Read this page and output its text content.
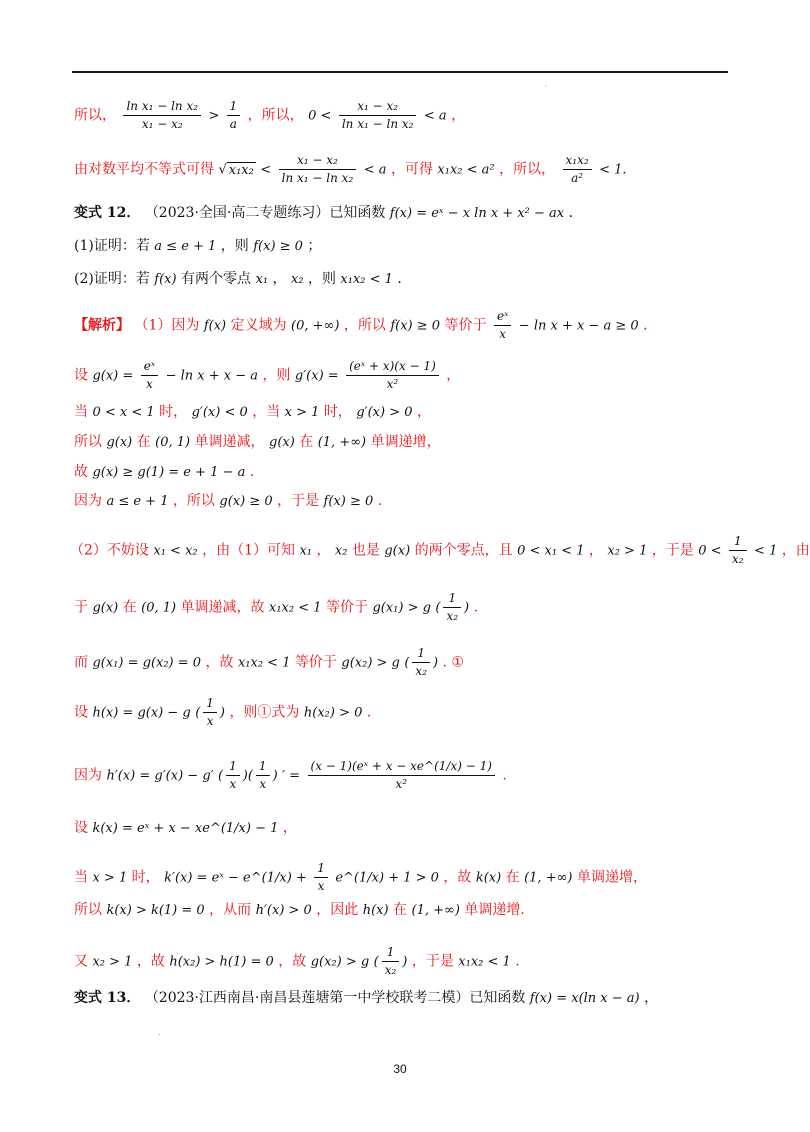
所以， $\frac{\text{ln x₁ − ln x₂}}{\text{x₁ − x₂}} > \frac{1}{a}$ ，所以， $0 < \frac{\text{x₁ − x₂}}{\text{ln x₁ − ln x₂}} < a$ ，
由对数平均不等式可得 √ $x_1x_2 < \frac{\text{x₁ − x₂}}{\text{ln x₁ − ln x₂}} < a$ ，可得 x₁x₂ < a² ，所以， $\frac{\text{x₁x₂}}{\text{a²}} < 1$.
变式 12． （2023·全国·高二专题练习）已知函数 f(x) = eˣ − x ln x + x² − ax ．
(1)证明：若 a ≤ e + 1 ，则 f(x) ≥ 0 ；
(2)证明：若 f(x) 有两个零点 x₁ ， x₂ ，则 x₁x₂ < 1 ．
【解析】 （1）因为 f(x) 定义域为 (0, +∞) ，所以 f(x) ≥ 0 等价于 $\frac{\text{eˣ}}{x} - \ln x + x - a \ge 0$ ．
设 $g(x) = \frac{\text{eˣ}}{x} - \ln x + x - a$ ，则 $g'(x) = \frac{\text{(eˣ + x)(x − 1)}}{\text{x²}}$ ，
当 0 < x < 1 时， g′(x) < 0 ，当 x > 1 时， g′(x) > 0 ，
所以 g(x) 在 (0, 1) 单调递减， g(x) 在 (1, +∞) 单调递增，
故 g(x) ≥ g(1) = e + 1 − a ．
因为 a ≤ e + 1 ，所以 g(x) ≥ 0 ，于是 f(x) ≥ 0 .
（2）不妨设 x₁ < x₂ ，由（1）可知 x₁ ， x₂ 也是 g(x) 的两个零点，且 0 < x₁ < 1 ， x₂ > 1 ，于是 $0 < \frac{1}{\text{x₂}} < 1$ ，由
于 g(x) 在 (0, 1) 单调递减，故 x₁x₂ < 1 等价于 g(x₁) > g ( $\frac{1}{\text{x₂}}$ ) .
而 g(x₁) = g(x₂) = 0 ，故 x₁x₂ < 1 等价于 g(x₂) > g ( $\frac{1}{\text{x₂}}$ ) . ①
设 h(x) = g(x) − g ( $\frac{1}{x}$ ) ，则①式为 h(x₂) > 0 ．
因为 h′(x) = g′(x) − g′ ( $\frac{1}{x}$ )( $\frac{1}{x}$ ) ′ = $\frac{\text{(x − 1)(eˣ + x − xe\textasciicircum{}(1/x) − 1)}}{\text{x²}}$ .
设 k(x) = eˣ + x − xe^(1/x) − 1 ，
当 x > 1 时， k′(x) = eˣ − e^(1/x) + $\frac{1}{x}$ e^(1/x) + 1 > 0 ，故 k(x) 在 (1, +∞) 单调递增，
所以 k(x) > k(1) = 0 ，从而 h′(x) > 0 ，因此 h(x) 在 (1, +∞) 单调递增.
又 x₂ > 1 ，故 h(x₂) > h(1) = 0 ，故 g(x₂) > g ( $\frac{1}{\text{x₂}}$ ) ，于是 x₁x₂ < 1 .
变式 13． （2023·江西南昌·南昌县莲塘第一中学校联考二模）已知函数 f(x) = x(ln x − a) ，
′
.
30
